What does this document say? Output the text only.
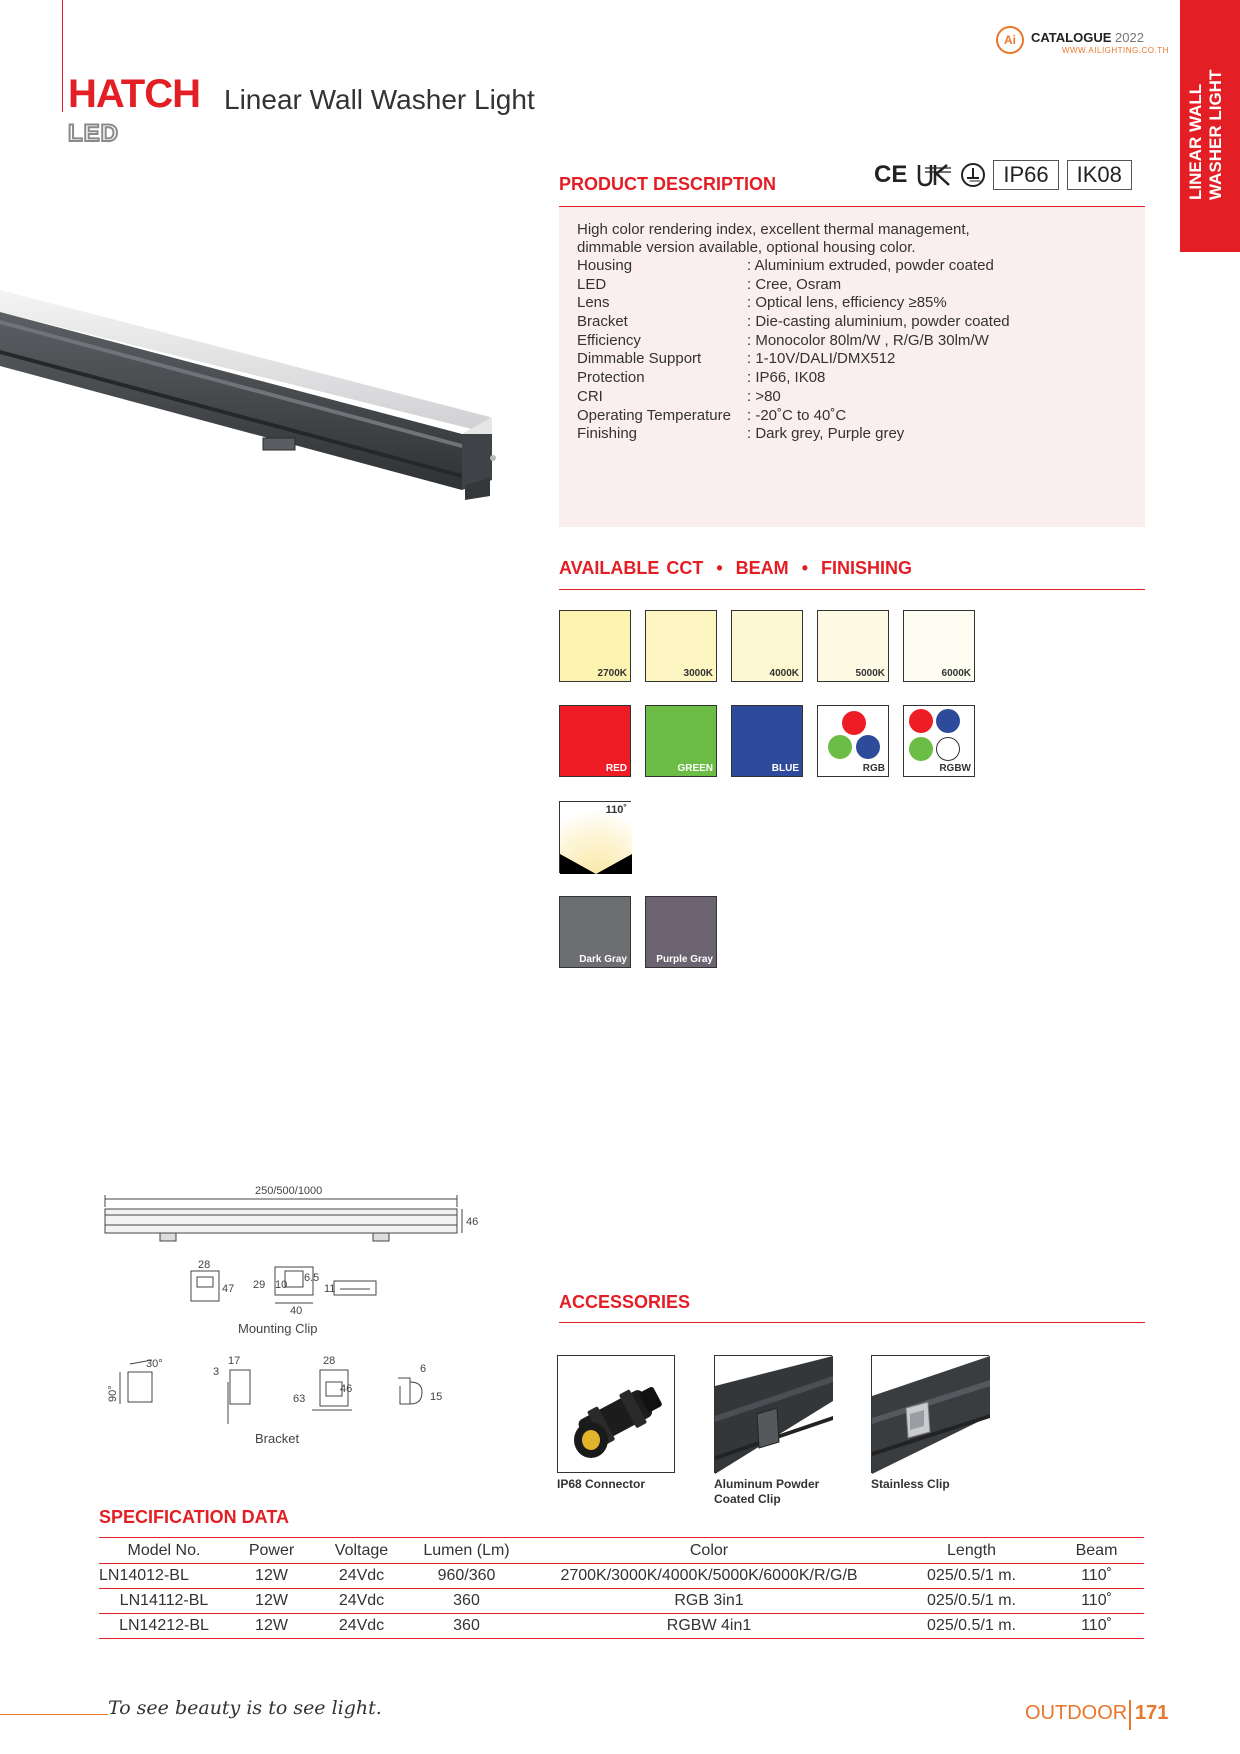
HATCH Linear Wall Washer Light
LED
Ai	CATALOGUE 2022
WWW.AILIGHTING.CO.TH
LINEAR WALL WASHER LIGHT
PRODUCT DESCRIPTION	CE	IP66	IK08
High color rendering index, excellent thermal management,
dimmable version available, optional housing color.
Housing	: Aluminium extruded, powder coated
LED	: Cree, Osram
Lens	: Optical lens, efficiency ≥85%
Bracket	: Die-casting aluminium, powder coated
Efficiency	: Monocolor 80lm/W , R/G/B 30lm/W
Dimmable Support	: 1-10V/DALI/DMX512
Protection	: IP66, IK08
CRI	: >80
Operating Temperature	: -20˚C to 40˚C
Finishing	: Dark grey, Purple grey
AVAILABLE CCT • BEAM • FINISHING
2700K	3000K	4000K	5000K	6000K
RED	GREEN	BLUE	RGB	RGBW
110˚
Dark Gray	Purple Gray
250/500/1000
46
28
47 29 10
6.5
40
11
Mounting Clip
30°
90°
17
3
28
63
46
6
15
Bracket
ACCESSORIES
IP68 Connector	Aluminum Powder
Coated Clip
Stainless Clip
SPECIFICATION DATA
Model No.	Power	Voltage	Lumen (Lm)	Color	Length	Beam
LN14012-BL	12W	24Vdc	960/360	2700K/3000K/4000K/5000K/6000K/R/G/B	025/0.5/1 m.	110˚
LN14112-BL	12W	24Vdc	360	RGB 3in1	025/0.5/1 m.	110˚
LN14212-BL	12W	24Vdc	360	RGBW 4in1	025/0.5/1 m.	110˚
To see beauty is to see light.	OUTDOOR 171
